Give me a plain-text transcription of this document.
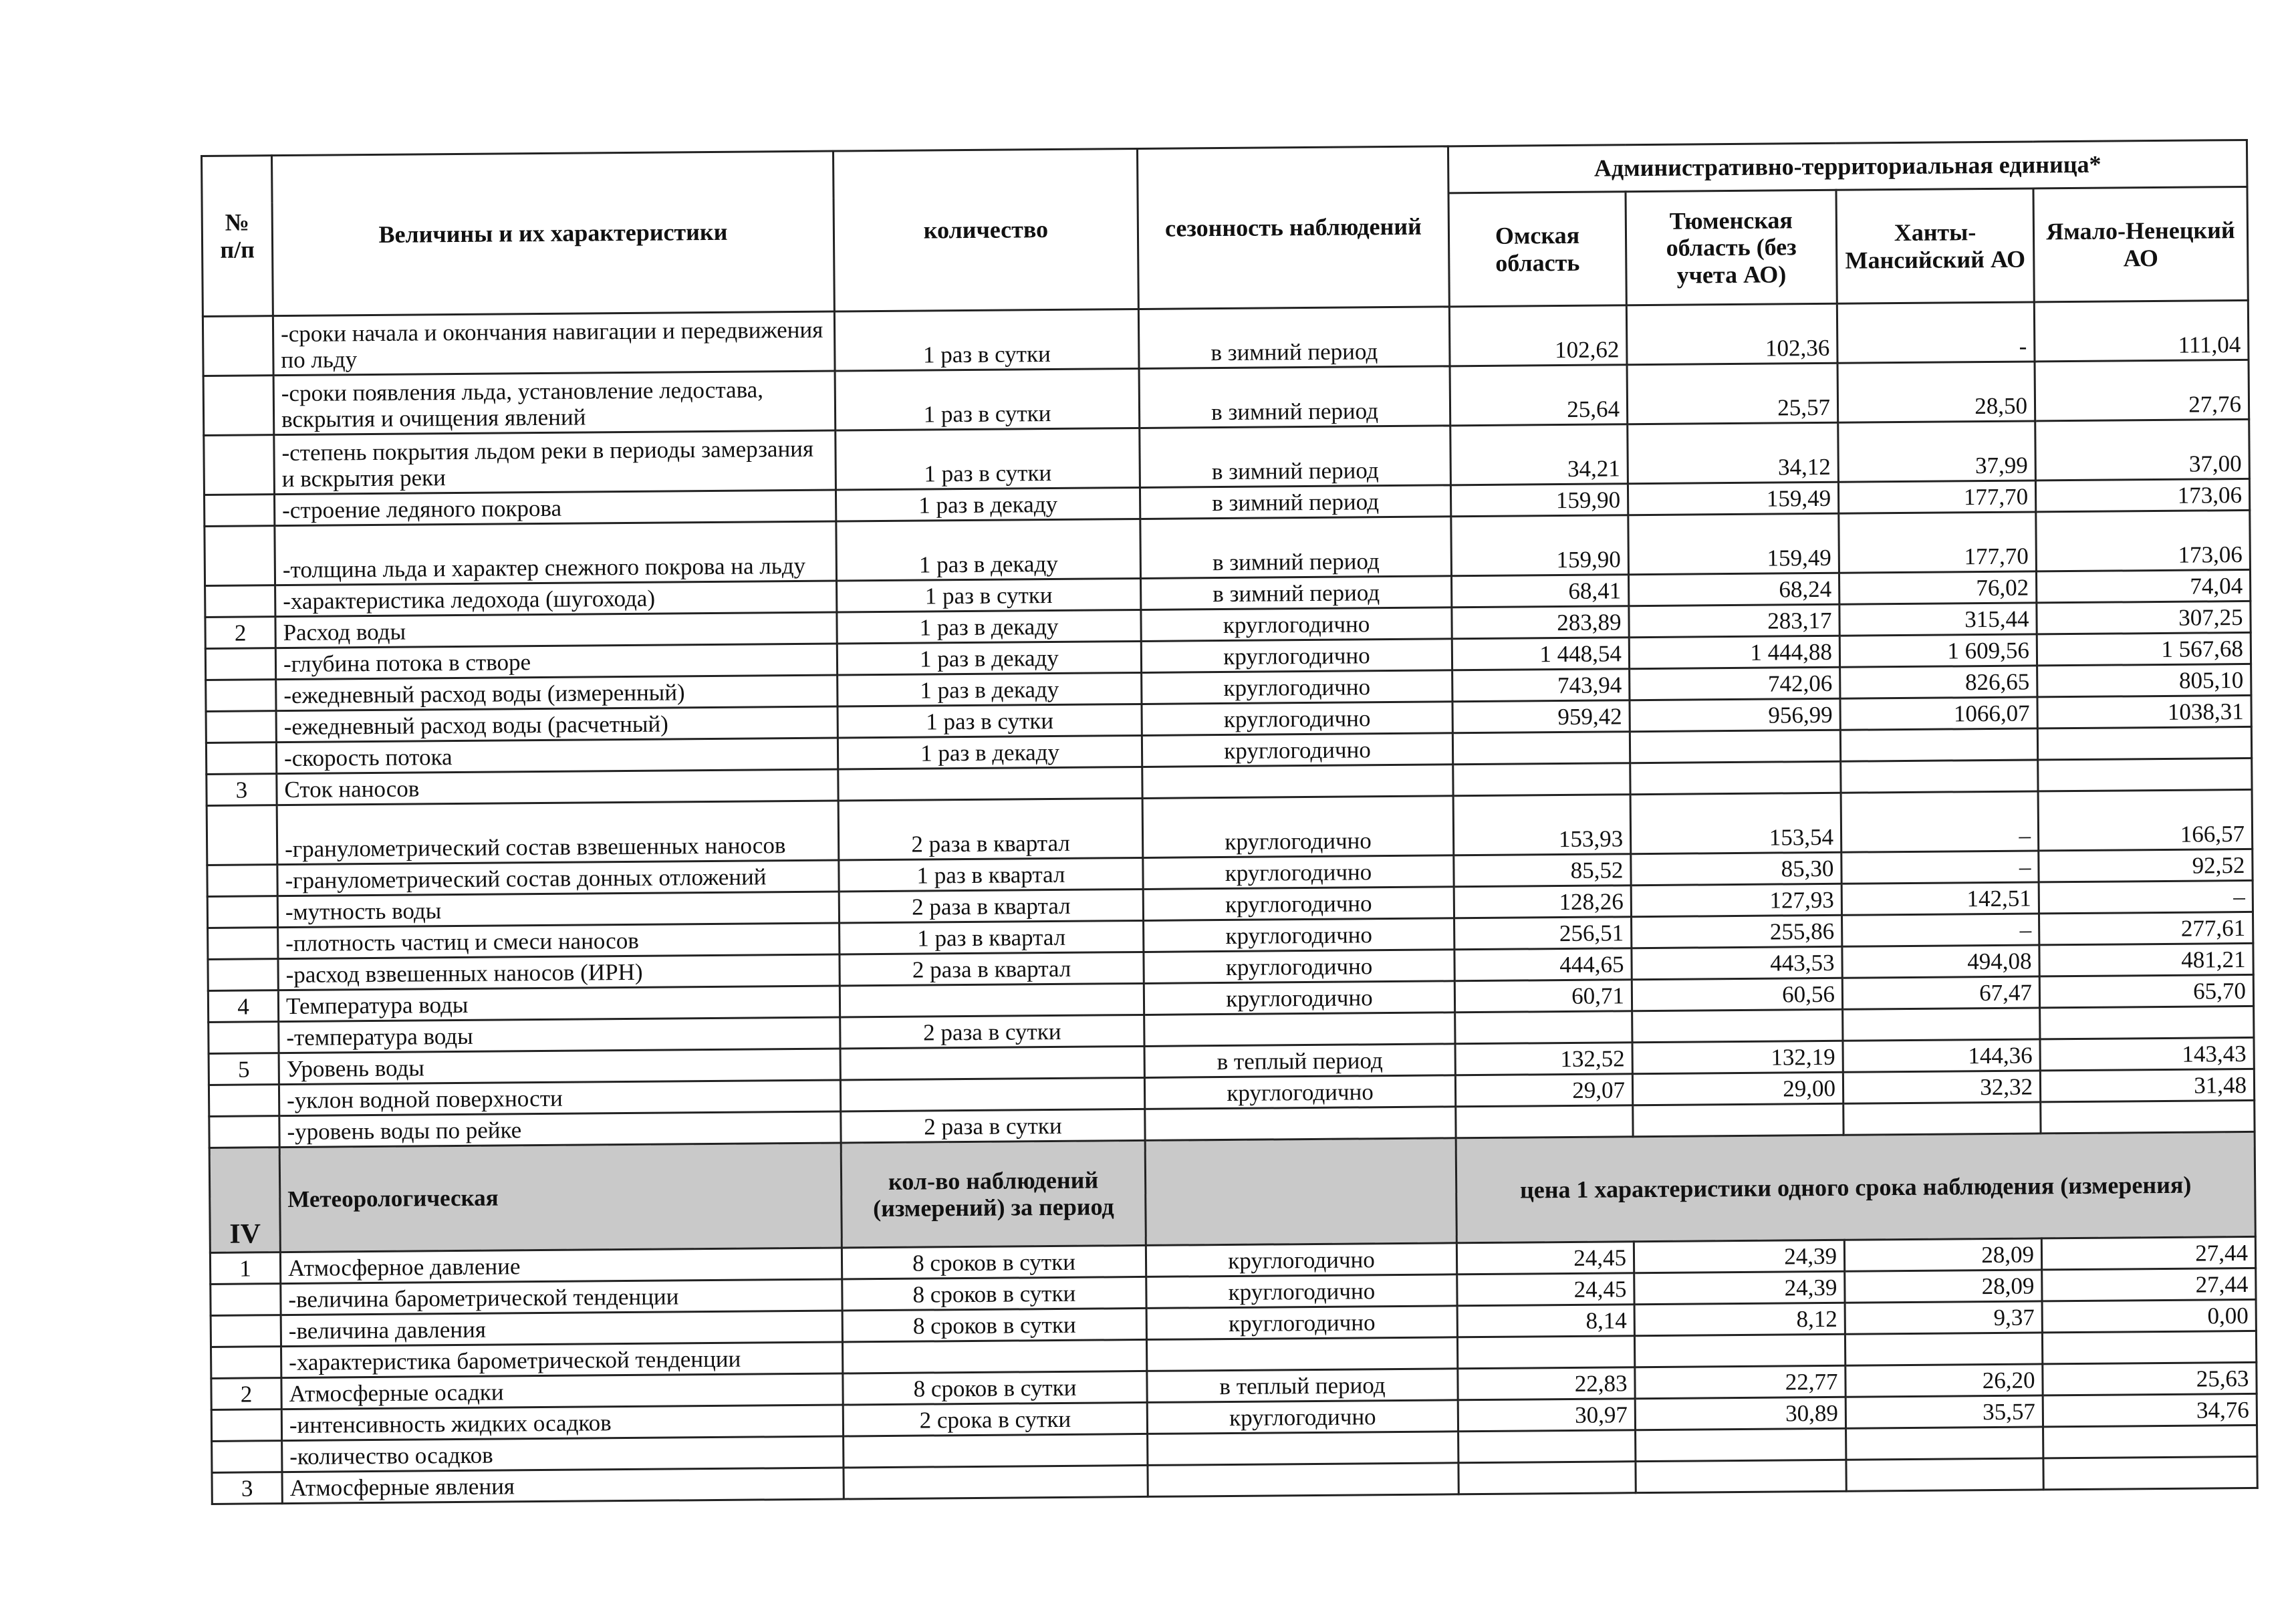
№
п/п	Величины и их характеристики	количество	сезонность наблюдений	Административно-территориальная единица*			
				Омская область	Тюменская область (без учета АО)	Ханты-Мансийский АО	Ямало-Ненецкий АО
	-сроки начала и окончания навигации и передвижения по льду	1 раз в сутки	в зимний период	102,62	102,36	-	111,04
	-сроки появления льда, установление ледостава, вскрытия и очищения явлений	1 раз в сутки	в зимний период	25,64	25,57	28,50	27,76
	-степень покрытия льдом реки в периоды замерзания и вскрытия реки	1 раз в сутки	в зимний период	34,21	34,12	37,99	37,00
	-строение ледяного покрова	1 раз в декаду	в зимний период	159,90	159,49	177,70	173,06
	-толщина льда и характер снежного покрова на льду	1 раз в декаду	в зимний период	159,90	159,49	177,70	173,06
	-характеристика ледохода (шугохода)	1 раз в сутки	в зимний период	68,41	68,24	76,02	74,04
2	Расход воды	1 раз в декаду	круглогодично	283,89	283,17	315,44	307,25
	-глубина потока в створе	1 раз в декаду	круглогодично	1 448,54	1 444,88	1 609,56	1 567,68
	-ежедневный расход воды (измеренный)	1 раз в декаду	круглогодично	743,94	742,06	826,65	805,10
	-ежедневный расход воды (расчетный)	1 раз в сутки	круглогодично	959,42	956,99	1066,07	1038,31
	-скорость потока	1 раз в декаду	круглогодично				
3	Сток наносов						
	-гранулометрический состав взвешенных наносов	2 раза в квартал	круглогодично	153,93	153,54	–	166,57
	-гранулометрический состав донных отложений	1 раз в квартал	круглогодично	85,52	85,30	–	92,52
	-мутность воды	2 раза в квартал	круглогодично	128,26	127,93	142,51	–
	-плотность частиц и смеси наносов	1 раз в квартал	круглогодично	256,51	255,86	–	277,61
	-расход взвешенных наносов (ИРН)	2 раза в квартал	круглогодично	444,65	443,53	494,08	481,21
4	Температура воды		круглогодично	60,71	60,56	67,47	65,70
	-температура воды	2 раза в сутки					
5	Уровень воды		в теплый период	132,52	132,19	144,36	143,43
	-уклон водной поверхности		круглогодично	29,07	29,00	32,32	31,48
	-уровень воды по рейке	2 раза в сутки					
IV	Метеорологическая	кол-во наблюдений (измерений) за период		цена 1 характеристики одного срока наблюдения (измерения)			
1	Атмосферное давление	8 сроков в сутки	круглогодично	24,45	24,39	28,09	27,44
	-величина барометрической тенденции	8 сроков в сутки	круглогодично	24,45	24,39	28,09	27,44
	-величина давления	8 сроков в сутки	круглогодично	8,14	8,12	9,37	0,00
	-характеристика барометрической тенденции						
2	Атмосферные осадки	8 сроков в сутки	в теплый период	22,83	22,77	26,20	25,63
	-интенсивность жидких осадков	2 срока в сутки	круглогодично	30,97	30,89	35,57	34,76
	-количество осадков						
3	Атмосферные явления						
